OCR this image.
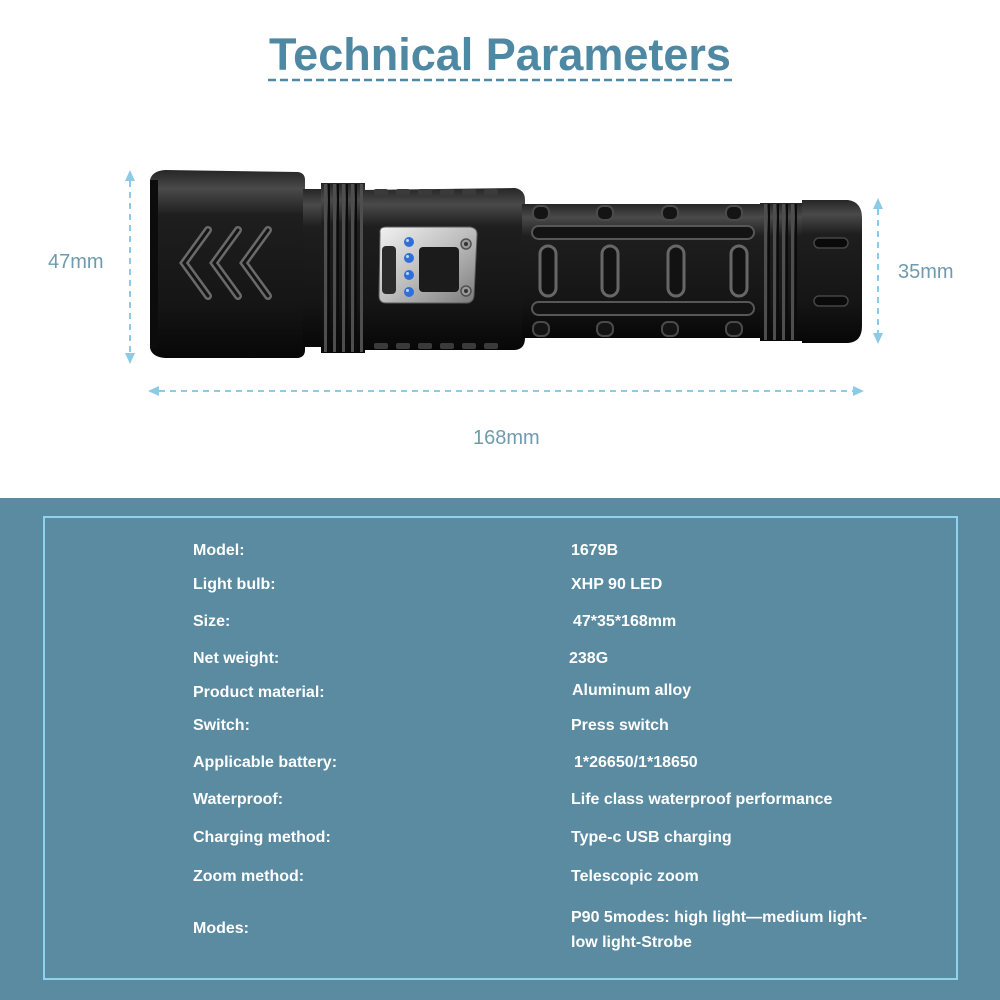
Technical Parameters
47mm	35mm
168mm
Model:	1679B
Light bulb:	XHP 90 LED
Size:	47*35*168mm
Net weight:	238G
Product material:	Aluminum alloy
Switch:	Press switch
Applicable battery:	1*26650/1*18650
Waterproof:	Life class waterproof performance
Charging method:	Type-c USB charging
Zoom method:	Telescopic zoom
Modes:
P90 5modes: high light—medium light-
low light-Strobe
